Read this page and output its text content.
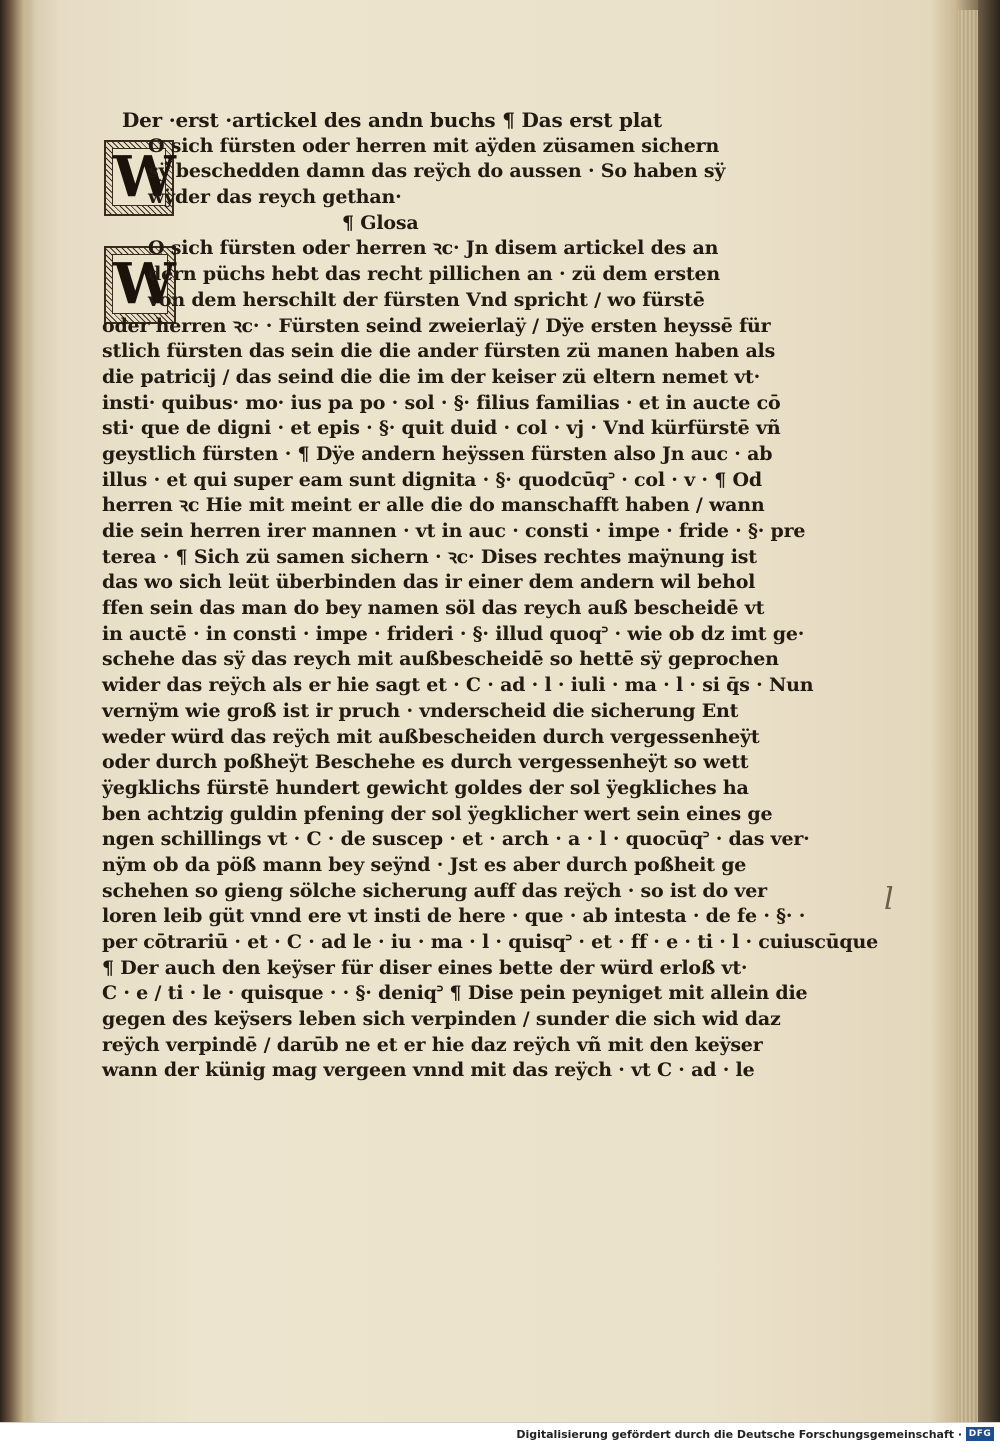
W
W
Der ·erst ·artickel des andn buchs ¶ Das erst plat
O sich fürsten oder herren mit aÿden züsamen sichern
sÿ beschedden damn das reÿch do aussen · So haben sÿ
wÿder das reych gethan·
¶ Glosa
O sich fürsten oder herren ꝛc· Jn disem artickel des an
dern püchs hebt das recht pillichen an · zü dem ersten
von dem herschilt der fürsten Vnd spricht / wo fürstē
oder herren ꝛc· · Fürsten seind zweierlaÿ / Dÿe ersten heyssē für
stlich fürsten das sein die die ander fürsten zü manen haben als
die patricij / das seind die die im der keiser zü eltern nemet vt·
insti· quibus· mo· ius pa po · sol · §· filius familias · et in aucte cō
sti· que de digni · et epis · §· quit duid · col · vj · Vnd kürfürstē vñ
geystlich fürsten · ¶ Dÿe andern heÿssen fürsten also Jn auc · ab
illus · et qui super eam sunt dignita · §· quodcūq꜄ · col · v · ¶ Od
herren ꝛc Hie mit meint er alle die do manschafft haben / wann
die sein herren irer mannen · vt in auc · consti · impe · fride · §· pre
terea · ¶ Sich zü samen sichern · ꝛc· Dises rechtes maÿnung ist
das wo sich leüt überbinden das ir einer dem andern wil behol
ffen sein das man do bey namen söl das reych auß bescheidē vt
in auctē · in consti · impe · frideri · §· illud quoq꜄ · wie ob dz imt ge·
schehe das sÿ das reych mit außbescheidē so hettē sÿ geprochen
wider das reÿch als er hie sagt et · C · ad · l · iuli · ma · l · si q̄s · Nun
vernÿm wie groß ist ir pruch · vnderscheid die sicherung Ent
weder würd das reÿch mit außbescheiden durch vergessenheÿt
oder durch poßheÿt Beschehe es durch vergessenheÿt so wett
ÿegklichs fürstē hundert gewicht goldes der sol ÿegkliches ha
ben achtzig guldin pfening der sol ÿegklicher wert sein eines ge
ngen schillings vt · C · de suscep · et · arch · a · l · quocūq꜄ · das ver·
nÿm ob da pöß mann bey seÿnd · Jst es aber durch poßheit ge
schehen so gieng sölche sicherung auff das reÿch · so ist do ver
loren leib güt vnnd ere vt insti de here · que · ab intesta · de fe · §· ·
per cōtrariū · et · C · ad le · iu · ma · l · quisq꜄ · et · ff · e · ti · l · cuiuscūque
¶ Der auch den keÿser für diser eines bette der würd erloß vt·
C · e / ti · le · quisque · · §· deniq꜄ ¶ Dise pein peyniget mit allein die
gegen des keÿsers leben sich verpinden / sunder die sich wid daz
reÿch verpindē / darūb ne et er hie daz reÿch vñ mit den keÿser
wann der künig mag vergeen vnnd mit das reÿch · vt C · ad · le
l
Digitalisierung gefördert durch die Deutsche Forschungsgemeinschaft · DFG
